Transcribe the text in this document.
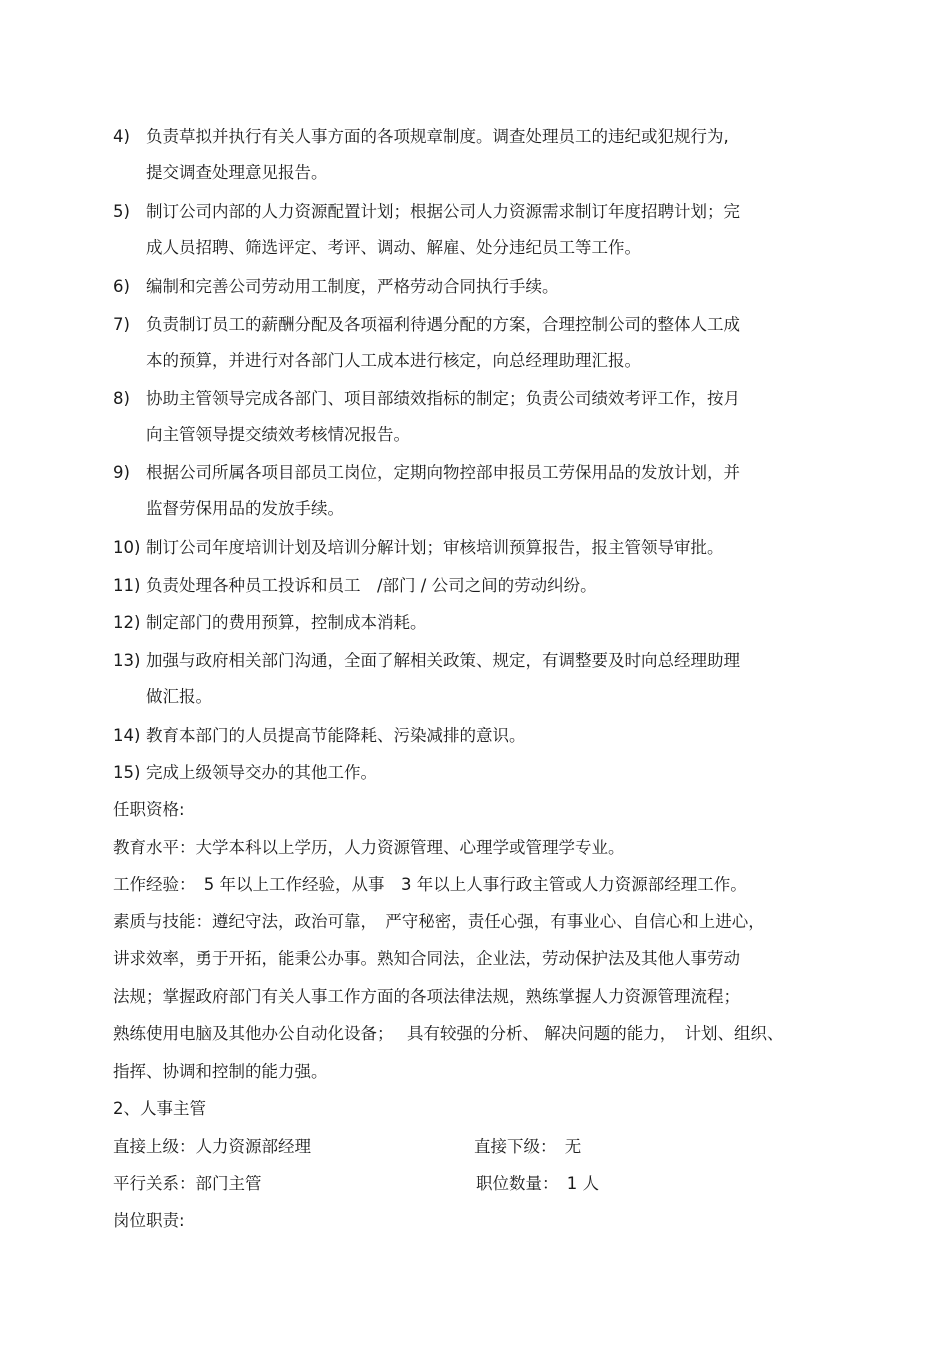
4) 负责草拟并执行有关人事方面的各项规章制度。调查处理员工的违纪或犯规行为,
提交调查处理意见报告。
5) 制订公司内部的人力资源配置计划；根据公司人力资源需求制订年度招聘计划；完
成人员招聘、筛选评定、考评、调动、解雇、处分违纪员工等工作。
6) 编制和完善公司劳动用工制度，严格劳动合同执行手续。
7) 负责制订员工的薪酬分配及各项福利待遇分配的方案，合理控制公司的整体人工成
本的预算，并进行对各部门人工成本进行核定，向总经理助理汇报。
8) 协助主管领导完成各部门、项目部绩效指标的制定；负责公司绩效考评工作，按月
向主管领导提交绩效考核情况报告。
9) 根据公司所属各项目部员工岗位，定期向物控部申报员工劳保用品的发放计划，并
监督劳保用品的发放手续。
10) 制订公司年度培训计划及培训分解计划；审核培训预算报告，报主管领导审批。
11) 负责处理各种员工投诉和员工　/部门 / 公司之间的劳动纠纷。
12) 制定部门的费用预算，控制成本消耗。
13) 加强与政府相关部门沟通，全面了解相关政策、规定，有调整要及时向总经理助理
做汇报。
14) 教育本部门的人员提高节能降耗、污染减排的意识。
15) 完成上级领导交办的其他工作。
任职资格:
教育水平：大学本科以上学历，人力资源管理、心理学或管理学专业。
工作经验：　5 年以上工作经验，从事　3 年以上人事行政主管或人力资源部经理工作。
素质与技能：遵纪守法，政治可靠，　严守秘密，责任心强，有事业心、自信心和上进心，
讲求效率，勇于开拓，能秉公办事。熟知合同法，企业法，劳动保护法及其他人事劳动
法规；掌握政府部门有关人事工作方面的各项法律法规，熟练掌握人力资源管理流程；
熟练使用电脑及其他办公自动化设备；　 具有较强的分析、 解决问题的能力，　计划、组织、
指挥、协调和控制的能力强。
2、人事主管
直接上级：人力资源部经理	直接下级：　无
平行关系：部门主管	职位数量：　1 人
岗位职责:
